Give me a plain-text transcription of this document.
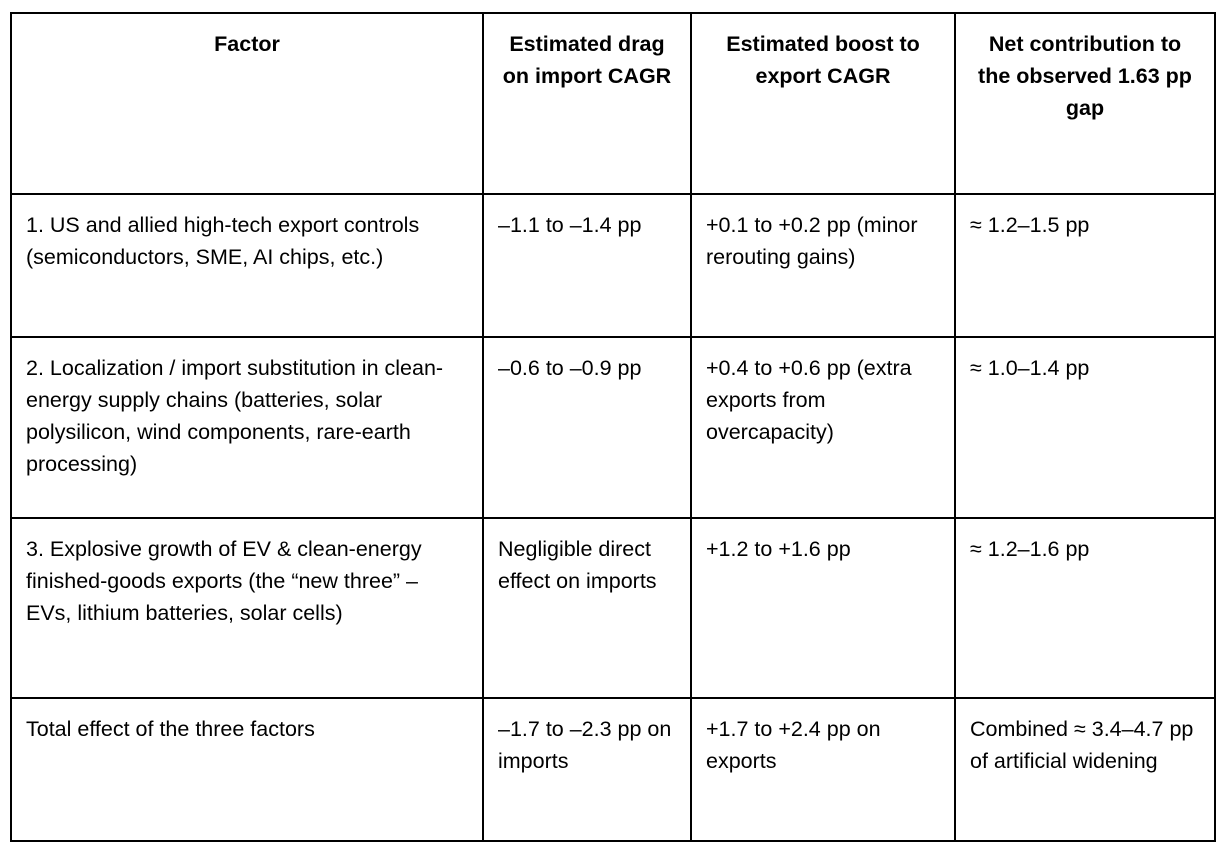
Factor	Estimated drag on import CAGR	Estimated boost to export CAGR	Net contribution to the observed 1.63 pp gap
1. US and allied high-tech export controls (semiconductors, SME, AI chips, etc.)	–1.1 to –1.4 pp	+0.1 to +0.2 pp (minor rerouting gains)	≈ 1.2–1.5 pp
2. Localization / import substitution in clean-energy supply chains (batteries, solar polysilicon, wind components, rare-earth processing)	–0.6 to –0.9 pp	+0.4 to +0.6 pp (extra exports from overcapacity)	≈ 1.0–1.4 pp
3. Explosive growth of EV & clean-energy finished-goods exports (the “new three” – EVs, lithium batteries, solar cells)	Negligible direct effect on imports	+1.2 to +1.6 pp	≈ 1.2–1.6 pp
Total effect of the three factors	–1.7 to –2.3 pp on imports	+1.7 to +2.4 pp on exports	Combined ≈ 3.4–4.7 pp of artificial widening
